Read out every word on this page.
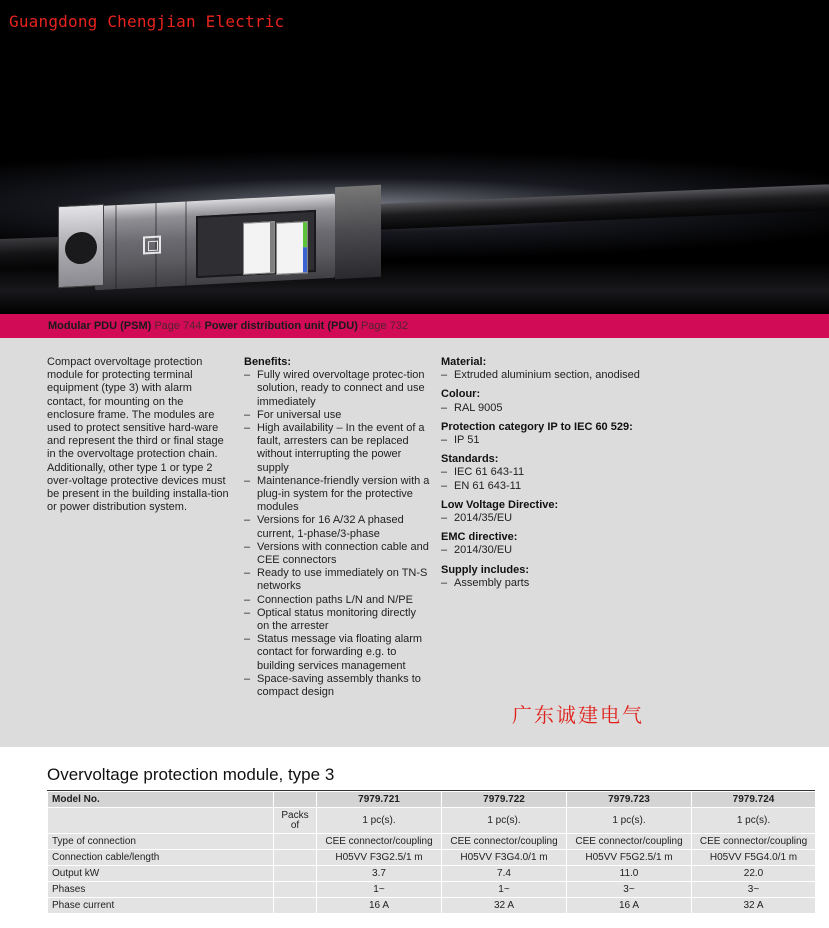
Guangdong Chengjian Electric
Modular PDU (PSM) Page 744 Power distribution unit (PDU) Page 732
Compact overvoltage protection module for protecting terminal equipment (type 3) with alarm contact, for mounting on the enclosure frame. The modules are used to protect sensitive hard-ware and represent the third or final stage in the overvoltage protection chain. Additionally, other type 1 or type 2 over-voltage protective devices must be present in the building installa-tion or power distribution system.
Benefits:
– Fully wired overvoltage protec-tion solution, ready to connect and use immediately
– For universal use
– High availability – In the event of a fault, arresters can be replaced without interrupting the power supply
– Maintenance-friendly version with a plug-in system for the protective modules
– Versions for 16 A/32 A phased current, 1-phase/3-phase
– Versions with connection cable and CEE connectors
– Ready to use immediately on TN-S networks
– Connection paths L/N and N/PE
– Optical status monitoring directly on the arrester
– Status message via floating alarm contact for forwarding e.g. to building services management
– Space-saving assembly thanks to compact design
Material:
– Extruded aluminium section, anodised
Colour:
– RAL 9005
Protection category IP to IEC 60 529:
– IP 51
Standards:
– IEC 61 643-11
– EN 61 643-11
Low Voltage Directive:
– 2014/35/EU
EMC directive:
– 2014/30/EU
Supply includes:
– Assembly parts
广东诚建电气
Overvoltage protection module, type 3
Model No.		7979.721	7979.722	7979.723	7979.724
	Packs of	1 pc(s).	1 pc(s).	1 pc(s).	1 pc(s).
Type of connection		CEE connector/coupling	CEE connector/coupling	CEE connector/coupling	CEE connector/coupling
Connection cable/length		H05VV F3G2.5/1 m	H05VV F3G4.0/1 m	H05VV F5G2.5/1 m	H05VV F5G4.0/1 m
Output kW		3.7	7.4	11.0	22.0
Phases		1~	1~	3~	3~
Phase current		16 A	32 A	16 A	32 A
